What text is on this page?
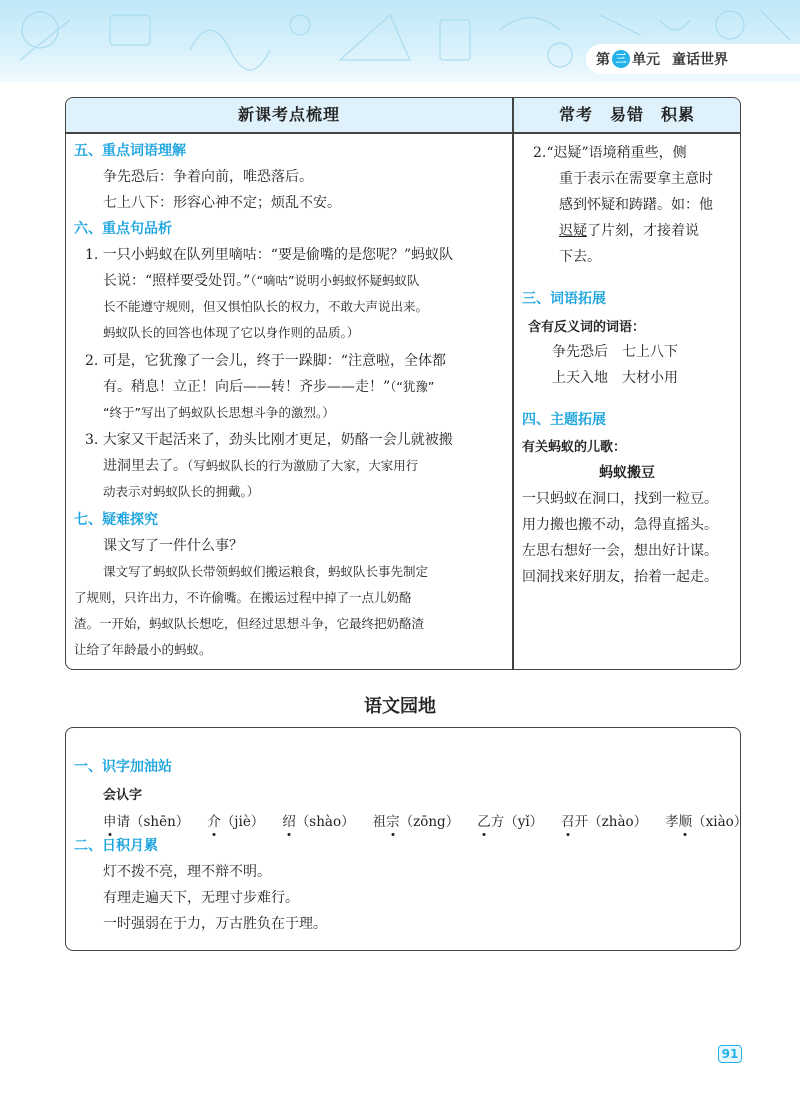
第 三 单元 童话世界
新课考点梳理	常考　易错　积累
五、重点词语理解
争先恐后：争着向前，唯恐落后。
七上八下：形容心神不定；烦乱不安。
六、重点句品析
1. 一只小蚂蚁在队列里嘀咕：“要是偷嘴的是您呢？”蚂蚁队
长说：“照样要受处罚。”（“嘀咕”说明小蚂蚁怀疑蚂蚁队
长不能遵守规则，但又惧怕队长的权力，不敢大声说出来。
蚂蚁队长的回答也体现了它以身作则的品质。）
2. 可是，它犹豫了一会儿，终于一跺脚：“注意啦，全体都
有。稍息！立正！向后——转！齐步——走！”（“犹豫”
“终于”写出了蚂蚁队长思想斗争的激烈。）
3. 大家又干起活来了，劲头比刚才更足，奶酪一会儿就被搬
进洞里去了。（写蚂蚁队长的行为激励了大家，大家用行
动表示对蚂蚁队长的拥戴。）
七、疑难探究
课文写了一件什么事？
课文写了蚂蚁队长带领蚂蚁们搬运粮食，蚂蚁队长事先制定
了规则，只许出力，不许偷嘴。在搬运过程中掉了一点儿奶酪
渣。一开始，蚂蚁队长想吃，但经过思想斗争，它最终把奶酪渣
让给了年龄最小的蚂蚁。
2.“迟疑”语境稍重些，侧
重于表示在需要拿主意时
感到怀疑和踌躇。如：他
迟疑了片刻，才接着说
下去。
三、词语拓展
含有反义词的词语：
争先恐后　七上八下
上天入地　大材小用
四、主题拓展
有关蚂蚁的儿歌：
蚂蚁搬豆
一只蚂蚁在洞口，找到一粒豆。
用力搬也搬不动，急得直摇头。
左思右想好一会，想出好计谋。
回洞找来好朋友，抬着一起走。
语文园地
一、识字加油站
会认字
申请（shēn） 介（jiè） 绍（shào） 祖宗（zōng） 乙方（yǐ） 召开（zhào） 孝顺（xiào）
二、日积月累
灯不拨不亮，理不辩不明。
有理走遍天下，无理寸步难行。
一时强弱在于力，万古胜负在于理。
91
